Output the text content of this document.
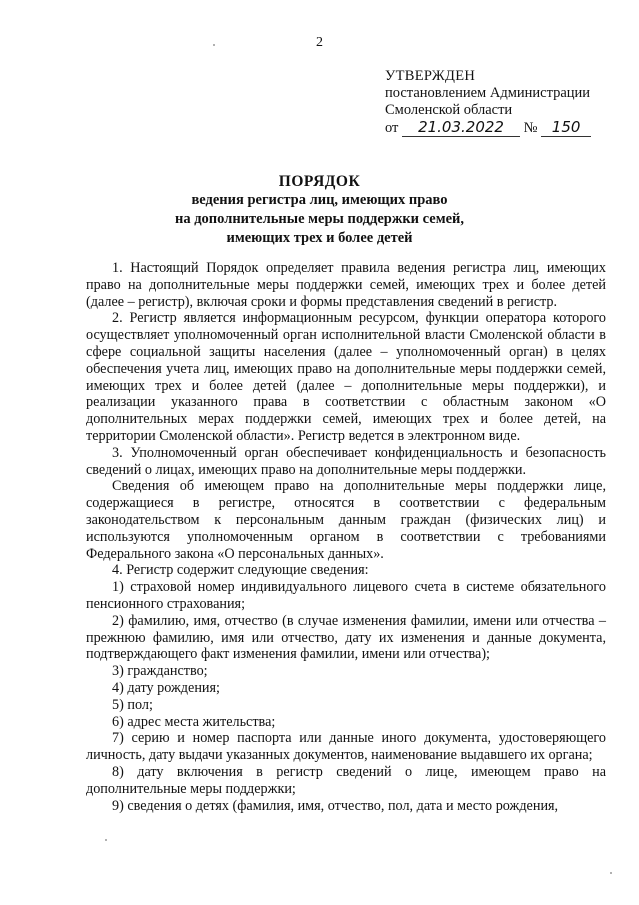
2
УТВЕРЖДЕН
постановлением Администрации
Смоленской области
от 21.03.2022 № 150
ПОРЯДОК
ведения регистра лиц, имеющих право
на дополнительные меры поддержки семей,
имеющих трех и более детей

1. Настоящий Порядок определяет правила ведения регистра лиц, имеющих право на дополнительные меры поддержки семей, имеющих трех и более детей (далее – регистр), включая сроки и формы представления сведений в регистр.

2. Регистр является информационным ресурсом, функции оператора которого осуществляет уполномоченный орган исполнительной власти Смоленской области в сфере социальной защиты населения (далее – уполномоченный орган) в целях обеспечения учета лиц, имеющих право на дополнительные меры поддержки семей, имеющих трех и более детей (далее – дополнительные меры поддержки), и реализации указанного права в соответствии с областным законом «О дополнительных мерах поддержки семей, имеющих трех и более детей, на территории Смоленской области». Регистр ведется в электронном виде.

3. Уполномоченный орган обеспечивает конфиденциальность и безопасность сведений о лицах, имеющих право на дополнительные меры поддержки.

Сведения об имеющем право на дополнительные меры поддержки лице, содержащиеся в регистре, относятся в соответствии с федеральным законодательством к персональным данным граждан (физических лиц) и используются уполномоченным органом в соответствии с требованиями Федерального закона «О персональных данных».

4. Регистр содержит следующие сведения:

1) страховой номер индивидуального лицевого счета в системе обязательного пенсионного страхования;

2) фамилию, имя, отчество (в случае изменения фамилии, имени или отчества – прежнюю фамилию, имя или отчество, дату их изменения и данные документа, подтверждающего факт изменения фамилии, имени или отчества);

3) гражданство;

4) дату рождения;

5) пол;

6) адрес места жительства;

7) серию и номер паспорта или данные иного документа, удостоверяющего личность, дату выдачи указанных документов, наименование выдавшего их органа;

8) дату включения в регистр сведений о лице, имеющем право на дополнительные меры поддержки;

9) сведения о детях (фамилия, имя, отчество, пол, дата и место рождения,
